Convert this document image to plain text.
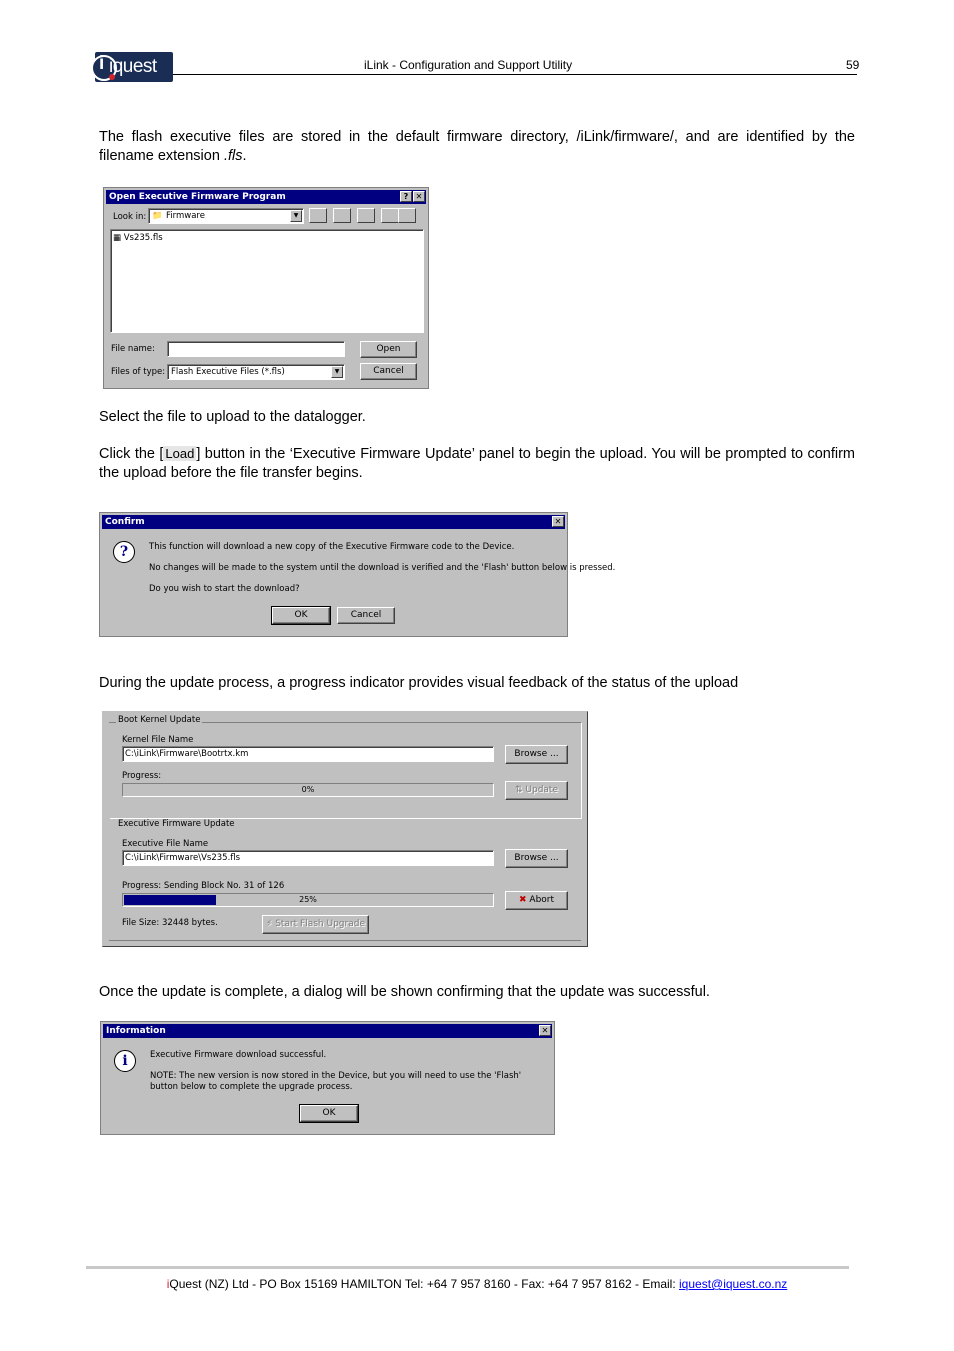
i iquest	iLink - Configuration and Support Utility	59
The flash executive files are stored in the default firmware directory, /iLink/firmware/, and are identified by the filename extension .fls.
Open Executive Firmware Program	? ✕
Look in: 📁 Firmware	▼
▦ Vs235.fls
File name:
Files of type: Flash Executive Files (*.fls)	▼
Open
Cancel
Select the file to upload to the datalogger.
Click the [ Load ] button in the ‘Executive Firmware Update’ panel to begin the upload. You will be prompted to confirm the upload before the file transfer begins.
Confirm	✕
?	This function will download a new copy of the Executive Firmware code to the Device.
No changes will be made to the system until the download is verified and the 'Flash' button below is pressed.
Do you wish to start the download?
OK	Cancel
During the update process, a progress indicator provides visual feedback of the status of the upload
Boot Kernel Update
Kernel File Name
C:\iLink\Firmware\Bootrtx.km	Browse ...
Progress:
0%	⇅ Update
Executive Firmware Update
Executive File Name
C:\iLink\Firmware\Vs235.fls	Browse ...
Progress: Sending Block No. 31 of 126
25%	✖ Abort
File Size: 32448 bytes.	⚡ Start Flash Upgrade
Once the update is complete, a dialog will be shown confirming that the update was successful.
Information	✕
i	Executive Firmware download successful.
NOTE: The new version is now stored in the Device, but you will need to use the 'Flash' button below to complete the upgrade process.
OK
iQuest (NZ) Ltd - PO Box 15169 HAMILTON Tel: +64 7 957 8160 - Fax: +64 7 957 8162 - Email: iquest@iquest.co.nz
